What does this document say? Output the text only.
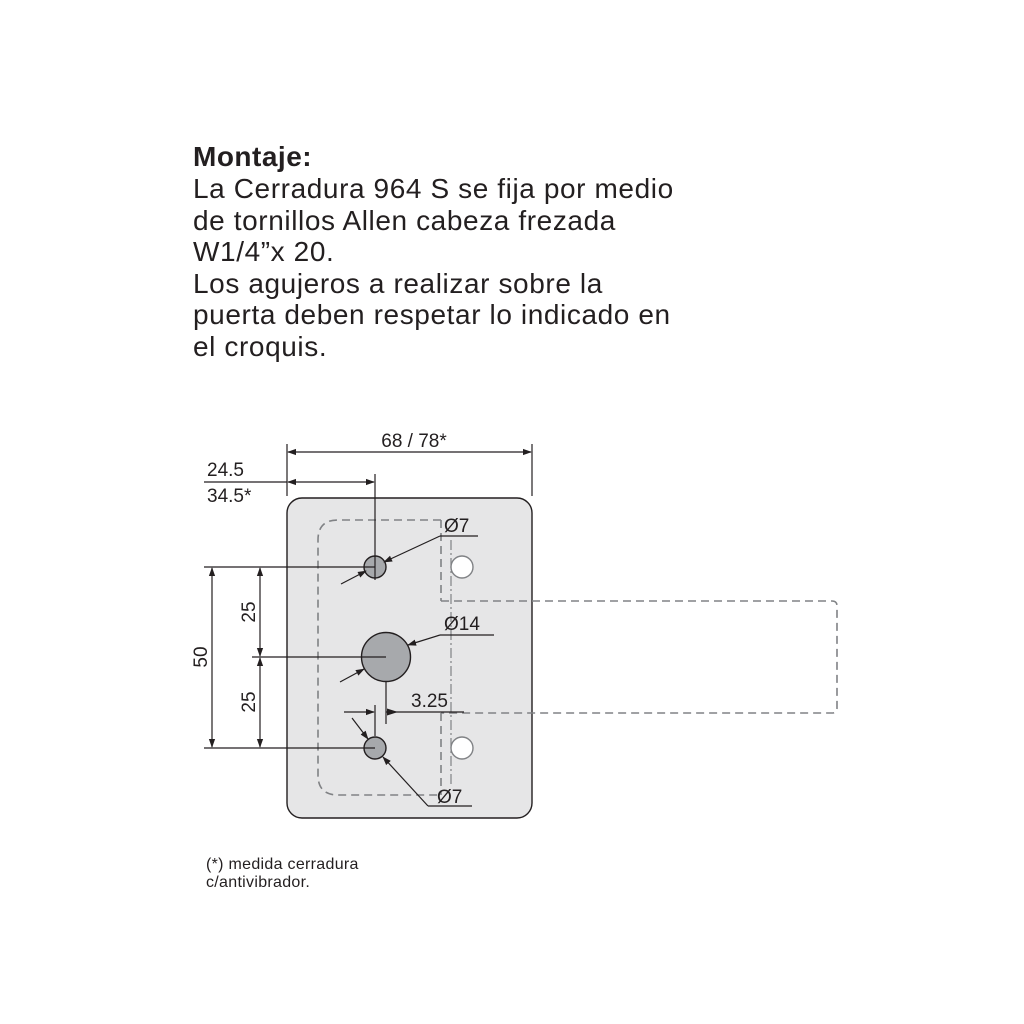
Montaje:

La Cerradura 964 S se fija por medio

de tornillos Allen cabeza frezada

W1/4”x 20.

Los agujeros a realizar sobre la

puerta deben respetar lo indicado en

el croquis.

68 / 78*
24.5
34.5*
50
25
25
Ø7
Ø14
3.25
Ø7
(*) medida cerradura
c/antivibrador.
